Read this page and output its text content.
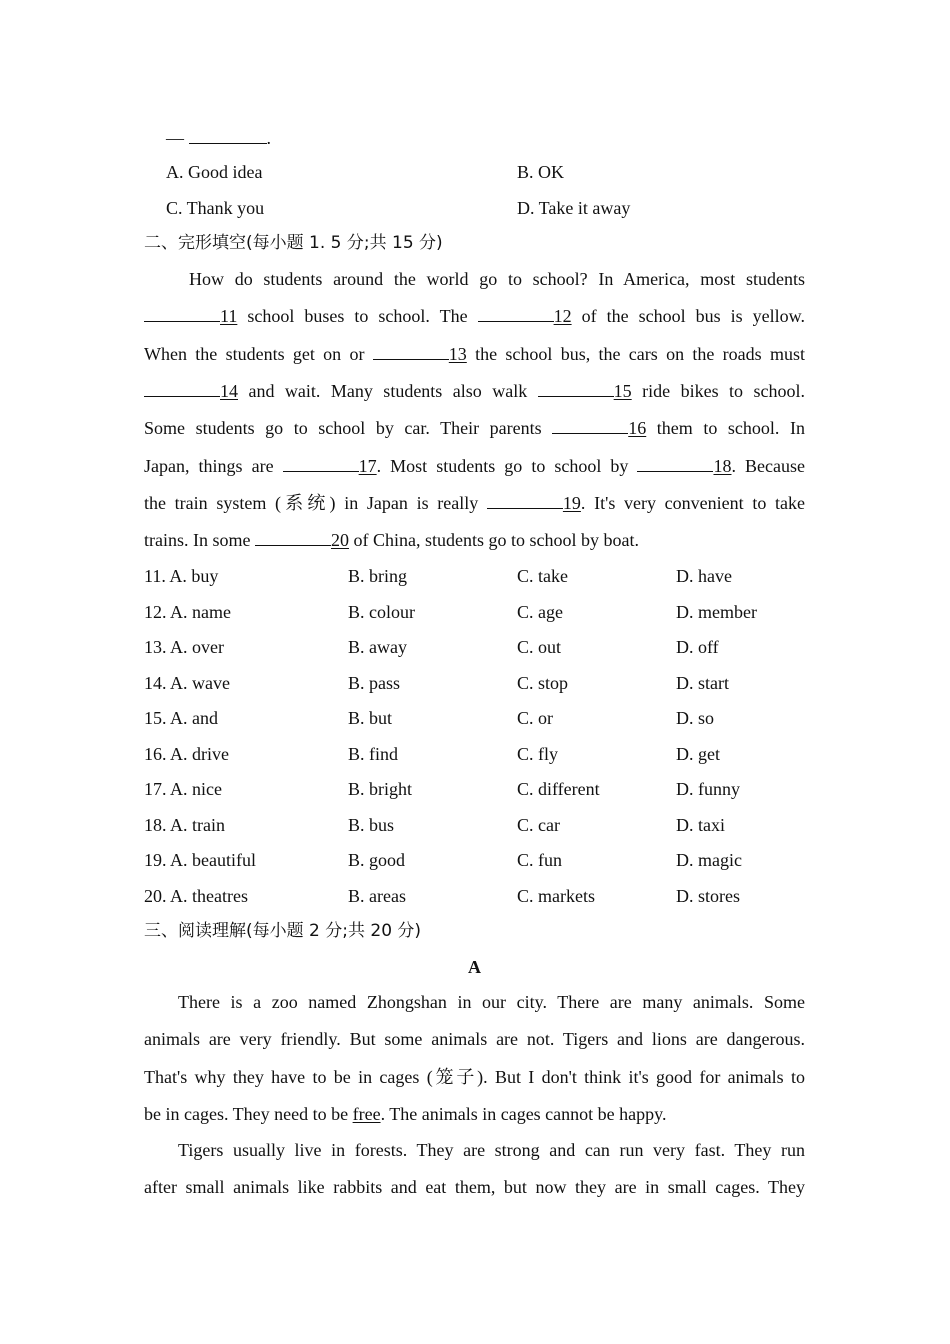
—	.
A. Good idea	B. OK
C. Thank you	D. Take it away
二、完形填空(每小题 1. 5 分;共 15 分)
How do students around the world go to school? In America, most students
11 school buses to school. The	12 of the school bus is yellow.
When the students get on or	13 the school bus, the cars on the roads must
14 and wait. Many students also walk	15 ride bikes to school.
Some students go to school by car. Their parents	16 them to school. In
Japan, things are	17. Most students go to school by	18. Because
the train system (系统) in Japan is really	19. It's very convenient to take
trains. In some	20 of China, students go to school by boat.
11. A. buy	B. bring	C. take	D. have
12. A. name	B. colour	C. age	D. member
13. A. over	B. away	C. out	D. off
14. A. wave	B. pass	C. stop	D. start
15. A. and	B. but	C. or	D. so
16. A. drive	B. find	C. fly	D. get
17. A. nice	B. bright	C. different	D. funny
18. A. train	B. bus	C. car	D. taxi
19. A. beautiful	B. good	C. fun	D. magic
20. A. theatres	B. areas	C. markets	D. stores
三、阅读理解(每小题 2 分;共 20 分)
A
There is a zoo named Zhongshan in our city. There are many animals. Some
animals are very friendly. But some animals are not. Tigers and lions are dangerous.
That's why they have to be in cages (笼子). But I don't think it's good for animals to
be in cages. They need to be free. The animals in cages cannot be happy.
Tigers usually live in forests. They are strong and can run very fast. They run
after small animals like rabbits and eat them, but now they are in small cages. They
